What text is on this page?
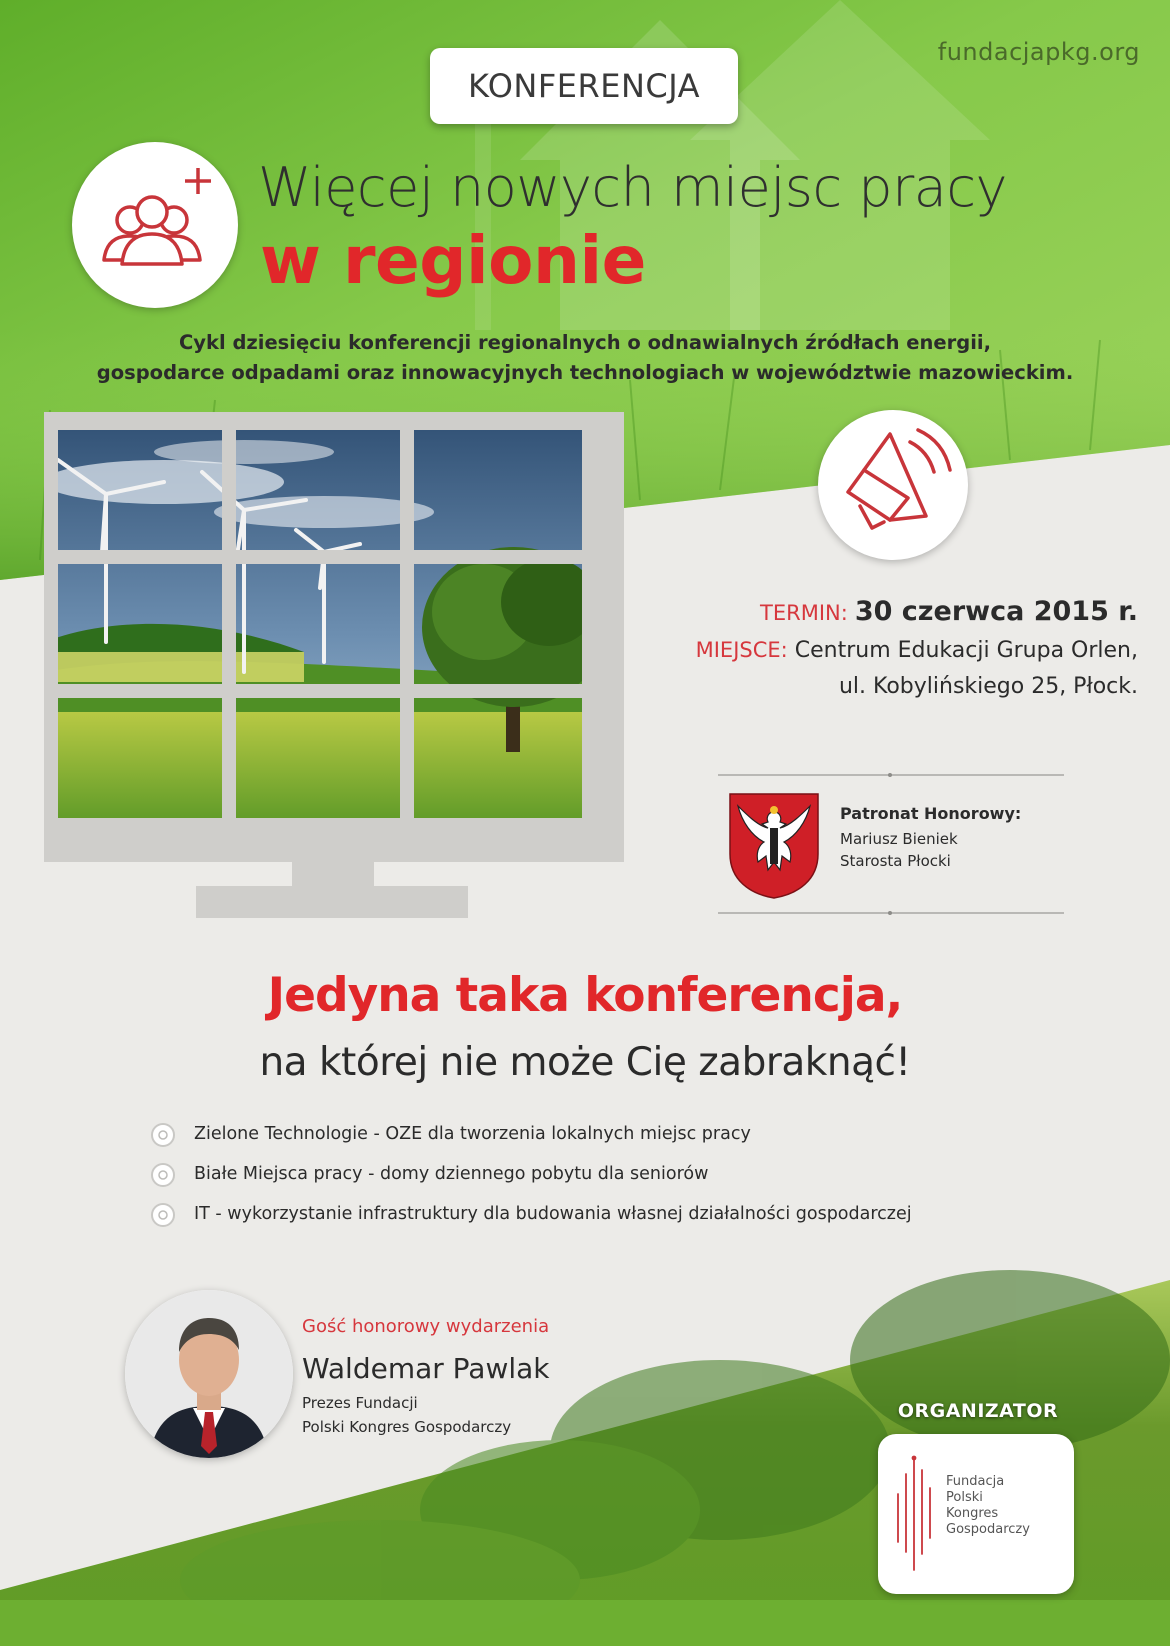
fundacjapkg.org
KONFERENCJA
Więcej nowych miejsc pracy
w regionie
Cykl dziesięciu konferencji regionalnych o odnawialnych źródłach energii,
gospodarce odpadami oraz innowacyjnych technologiach w województwie mazowieckim.
TERMIN: 30 czerwca 2015 r.
MIEJSCE: Centrum Edukacji Grupa Orlen,
ul. Kobylińskiego 25, Płock.
Patronat Honorowy:
Mariusz Bieniek
Starosta Płocki
Jedyna taka konferencja,
na której nie może Cię zabraknąć!
Zielone Technologie - OZE dla tworzenia lokalnych miejsc pracy
Białe Miejsca pracy - domy dziennego pobytu dla seniorów
IT - wykorzystanie infrastruktury dla budowania własnej działalności gospodarczej
Gość honorowy wydarzenia
Waldemar Pawlak
Prezes Fundacji
Polski Kongres Gospodarczy
ORGANIZATOR
Fundacja
Polski
Kongres
Gospodarczy
